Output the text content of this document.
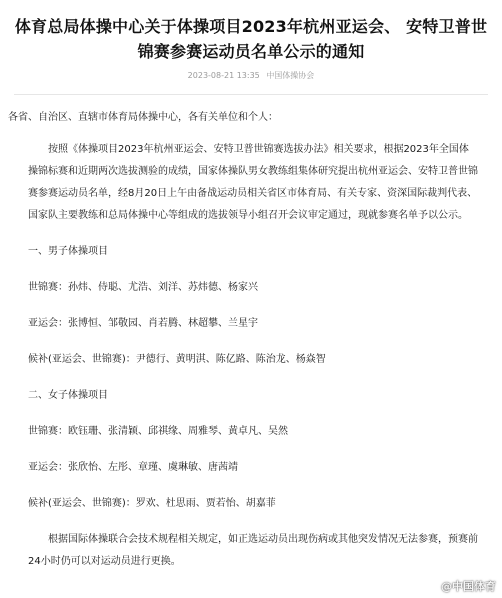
体育总局体操中心关于体操项目2023年杭州亚运会、 安特卫普世锦赛参赛运动员名单公示的通知
2023-08-21 13:35 中国体操协会

各省、自治区、直辖市体育局体操中心，各有关单位和个人：

按照《体操项目2023年杭州亚运会、安特卫普世锦赛选拔办法》相关要求，根据2023年全国体操锦标赛和近期两次选拔测验的成绩，国家体操队男女教练组集体研究提出杭州亚运会、安特卫普世锦赛参赛运动员名单，经8月20日上午由备战运动员相关省区市体育局、有关专家、资深国际裁判代表、国家队主要教练和总局体操中心等组成的选拔领导小组召开会议审定通过，现就参赛名单予以公示。

一、男子体操项目

世锦赛：孙炜、侍聪、尤浩、刘洋、苏炜德、杨家兴

亚运会：张博恒、邹敬园、肖若腾、林超攀、兰星宇

候补(亚运会、世锦赛)：尹德行、黄明淇、陈亿路、陈治龙、杨焱智

二、女子体操项目

世锦赛：欧钰珊、张清颖、邱祺缘、周雅琴、黄卓凡、吴然

亚运会：张欣怡、左彤、章瑾、虞琳敏、唐茜靖

候补(亚运会、世锦赛)：罗欢、杜思雨、贾若怡、胡嘉菲

根据国际体操联合会技术规程相关规定，如正选运动员出现伤病或其他突发情况无法参赛，预赛前24小时仍可以对运动员进行更换。

@中国体育
